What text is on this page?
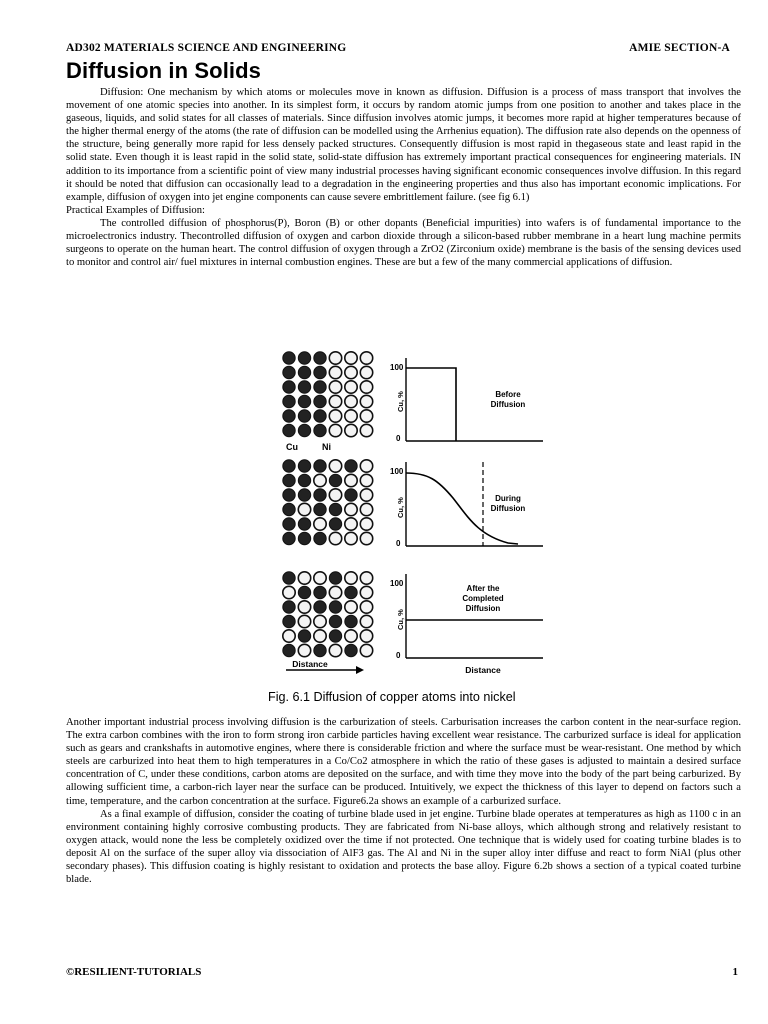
AD302 MATERIALS SCIENCE AND ENGINEERING	AMIE SECTION-A
Diffusion in Solids

Diffusion: One mechanism by which atoms or molecules move in known as diffusion. Diffusion is a process of mass transport that involves the movement of one atomic species into another. In its simplest form, it occurs by random atomic jumps from one position to another and takes place in the gaseous, liquids, and solid states for all classes of materials. Since diffusion involves atomic jumps, it becomes more rapid at higher temperatures because of the higher thermal energy of the atoms (the rate of diffusion can be modelled using the Arrhenius equation). The diffusion rate also depends on the openness of the structure, being generally more rapid for less densely packed structures. Consequently diffusion is most rapid in thegaseous state and least rapid in the solid state. Even though it is least rapid in the solid state, solid-state diffusion has extremely important practical consequences for engineering materials. IN addition to its importance from a scientific point of view many industrial processes having significant economic consequences involve diffusion. In this regard it should be noted that diffusion can occasionally lead to a degradation in the engineering properties and thus also has important economic implications. For example, diffusion of oxygen into jet engine components can cause severe embrittlement failure. (see fig 6.1)

Practical Examples of Diffusion:

The controlled diffusion of phosphorus(P), Boron (B) or other dopants (Beneficial impurities) into wafers is of fundamental importance to the microelectronics industry. Thecontrolled diffusion of oxygen and carbon dioxide through a silicon-based rubber membrane in a heart lung machine permits surgeons to operate on the human heart. The control diffusion of oxygen through a ZrO2 (Zirconium oxide) membrane is the basis of the sensing devices used to monitor and control air/ fuel mixtures in internal combustion engines. These are but a few of the many commercial applications of diffusion.

Cu	Ni
100
0
Cu, %	Before
Diffusion
100
0
Cu, %	During
Diffusion
100
0
Cu, %
After the
Completed
Diffusion
Distance
Distance
Fig. 6.1 Diffusion of copper atoms into nickel

Another important industrial process involving diffusion is the carburization of steels. Carburisation increases the carbon content in the near-surface region. The extra carbon combines with the iron to form strong iron carbide particles having excellent wear resistance. The carburized surface is ideal for application such as gears and crankshafts in automotive engines, where there is considerable friction and where the surface must be wear-resistant. One method by which steels are carburized into heat them to high temperatures in a Co/Co2 atmosphere in which the ratio of these gases is adjusted to maintain a desired surface concentration of C, under these conditions, carbon atoms are deposited on the surface, and with time they move into the body of the part being carburized. By allowing sufficient time, a carbon-rich layer near the surface can be produced. Intuitively, we expect the thickness of this layer to depend on factors such a time, temperature, and the carbon concentration at the surface. Figure6.2a shows an example of a carburized surface.

As a final example of diffusion, consider the coating of turbine blade used in jet engine. Turbine blade operates at temperatures as high as 1100 c in an environment containing highly corrosive combusting products. They are fabricated from Ni-base alloys, which although strong and relatively resistant to oxygen attack, would none the less be completely oxidized over the time if not protected. One technique that is widely used for coating turbine blades is to deposit Al on the surface of the super alloy via dissociation of AlF3 gas. The Al and Ni in the super alloy inter diffuse and react to form NiAl (plus other secondary phases). This diffusion coating is highly resistant to oxidation and protects the base alloy. Figure 6.2b shows a section of a typical coated turbine blade.

©RESILIENT-TUTORIALS	1
